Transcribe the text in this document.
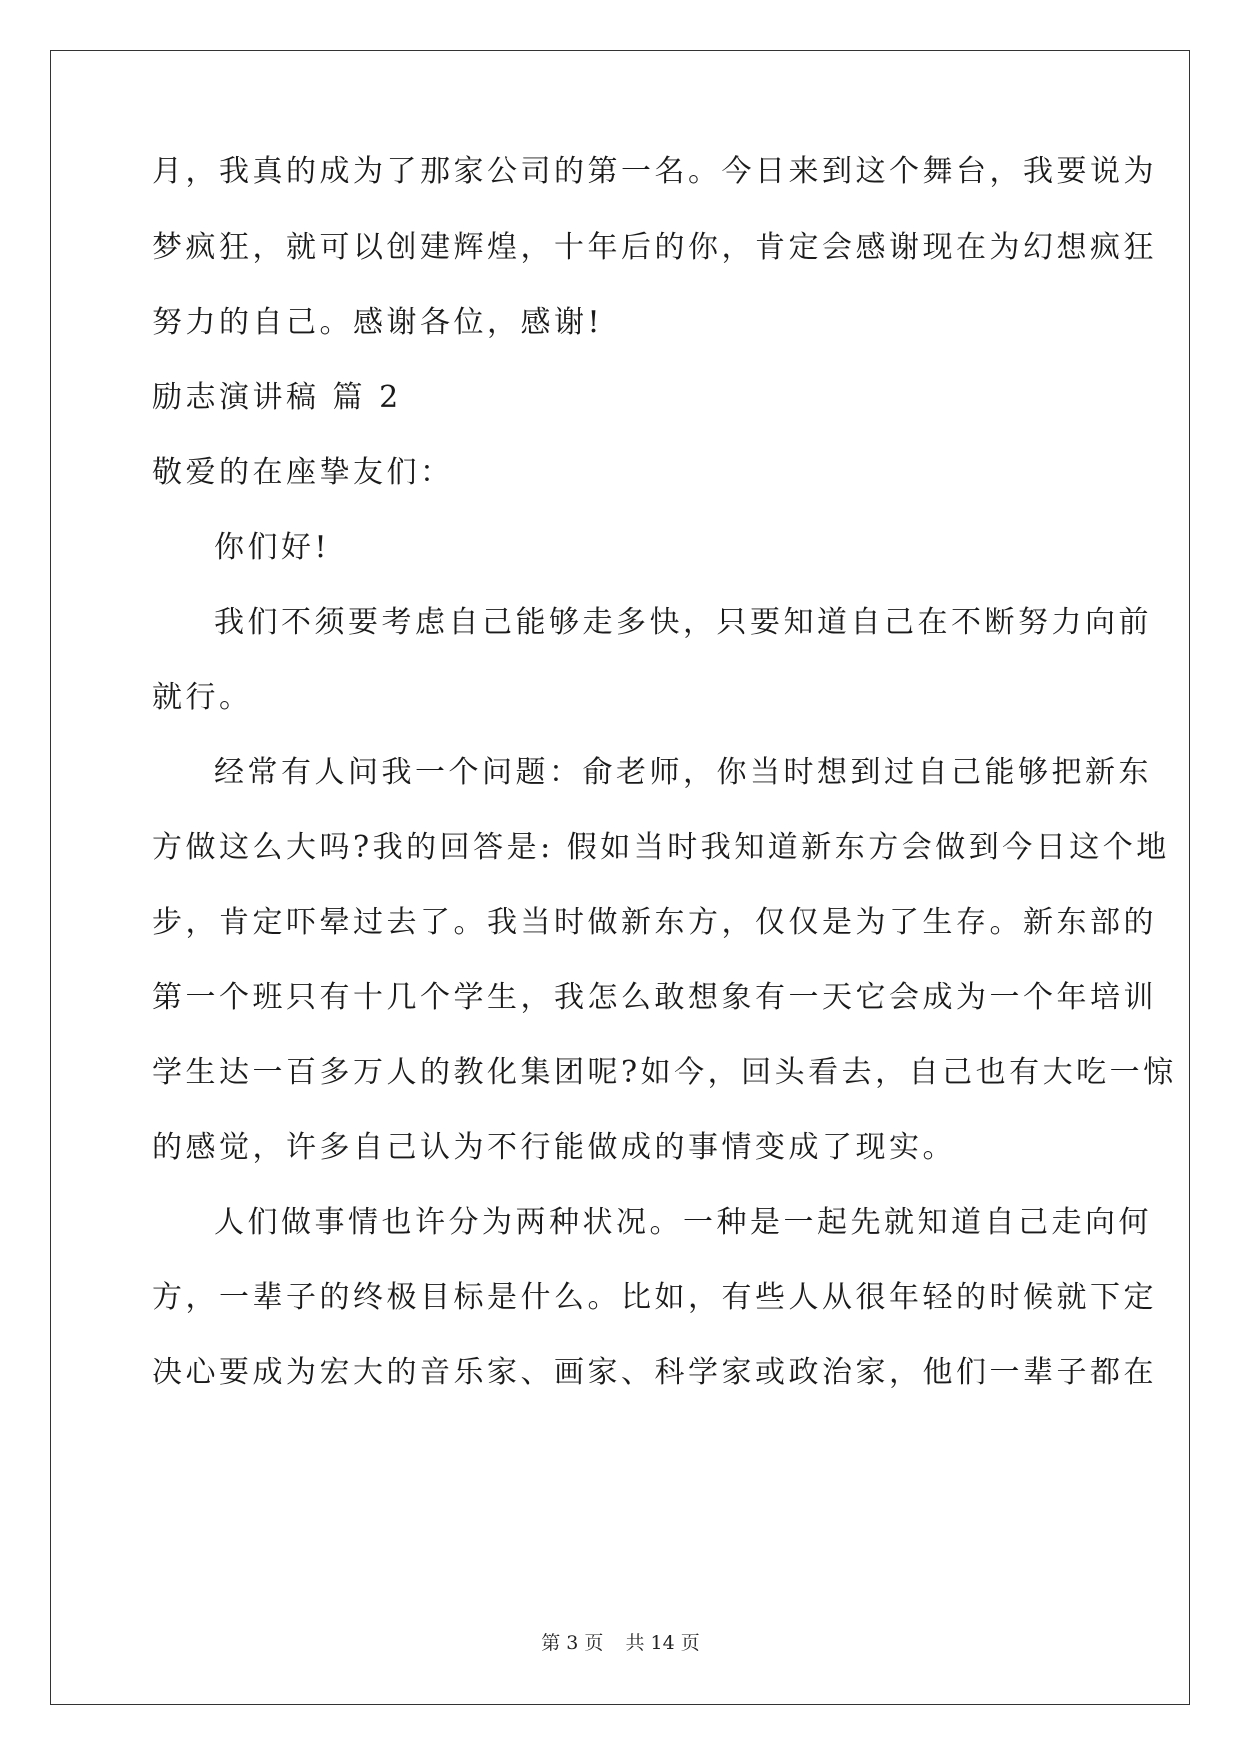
月，我真的成为了那家公司的第一名。今日来到这个舞台，我要说为
梦疯狂，就可以创建辉煌，十年后的你，肯定会感谢现在为幻想疯狂
努力的自己。感谢各位，感谢!
励志演讲稿 篇 2
敬爱的在座挚友们：
你们好!
我们不须要考虑自己能够走多快，只要知道自己在不断努力向前
就行。
经常有人问我一个问题：俞老师，你当时想到过自己能够把新东
方做这么大吗?我的回答是: 假如当时我知道新东方会做到今日这个地
步，肯定吓晕过去了。我当时做新东方，仅仅是为了生存。新东部的
第一个班只有十几个学生，我怎么敢想象有一天它会成为一个年培训
学生达一百多万人的教化集团呢?如今，回头看去，自己也有大吃一惊
的感觉，许多自己认为不行能做成的事情变成了现实。
人们做事情也许分为两种状况。一种是一起先就知道自己走向何
方，一辈子的终极目标是什么。比如，有些人从很年轻的时候就下定
决心要成为宏大的音乐家、画家、科学家或政治家，他们一辈子都在
第 3 页 共 14 页
